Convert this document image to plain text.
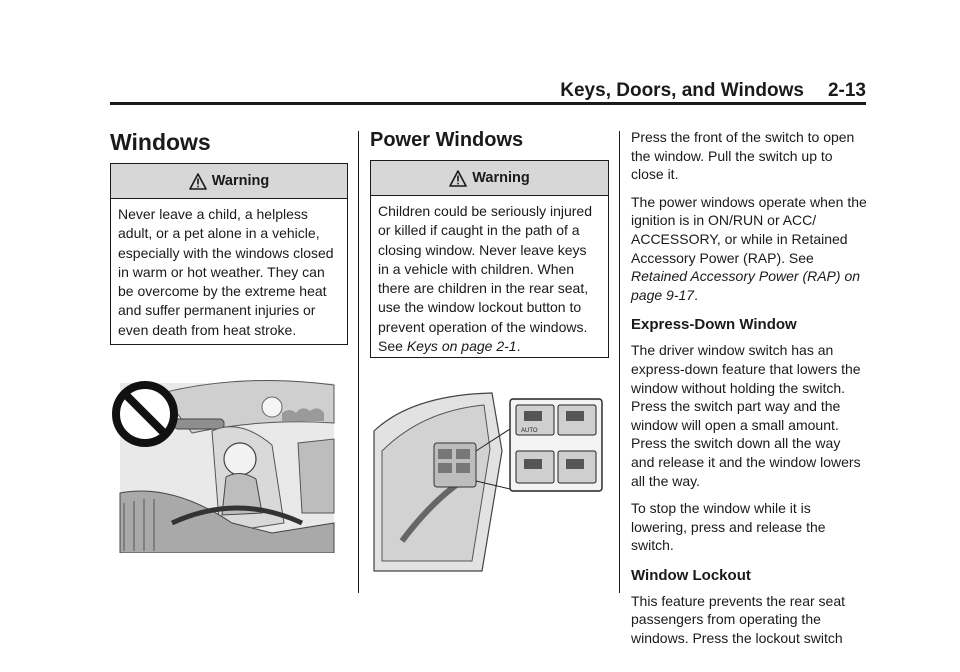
Keys, Doors, and Windows 2-13
Windows
Warning
Never leave a child, a helpless adult, or a pet alone in a vehicle, especially with the windows closed in warm or hot weather. They can be overcome by the extreme heat and suffer permanent injuries or even death from heat stroke.
Power Windows
Warning
Children could be seriously injured or killed if caught in the path of a closing window. Never leave keys in a vehicle with children. When there are children in the rear seat, use the window lockout button to prevent operation of the windows. See Keys on page 2-1.
AUTO

Press the front of the switch to open the window. Pull the switch up to close it.

The power windows operate when the ignition is in ON/RUN or ACC/ ACCESSORY, or while in Retained Accessory Power (RAP). See Retained Accessory Power (RAP) on page 9-17.

Express-Down Window

The driver window switch has an express-down feature that lowers the window without holding the switch. Press the switch part way and the window will open a small amount. Press the switch down all the way and release it and the window lowers all the way.

To stop the window while it is lowering, press and release the switch.

Window Lockout

This feature prevents the rear seat passengers from operating the windows. Press the lockout switch
